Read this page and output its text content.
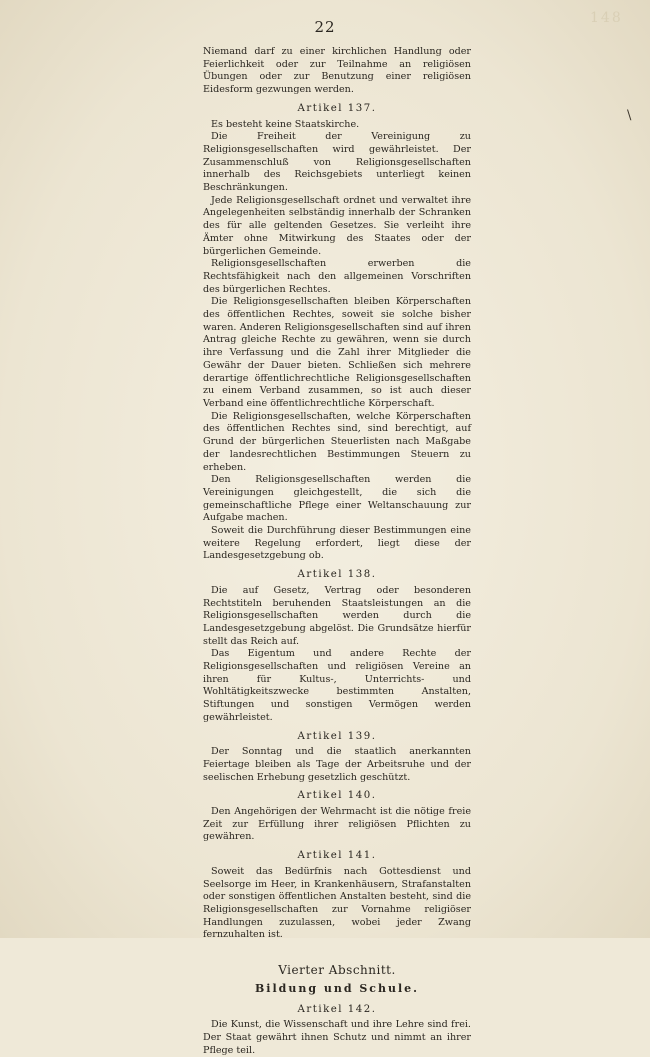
148
22
\

Niemand darf zu einer kirchlichen Handlung oder Feierlichkeit oder zur Teilnahme an religiösen Übungen oder zur Benutzung einer religiösen Eidesform gezwungen werden.

Artikel 137.

Es besteht keine Staatskirche.

Die Freiheit der Vereinigung zu Religionsgesellschaften wird gewährleistet. Der Zusammenschluß von Religionsgesellschaften innerhalb des Reichsgebiets unterliegt keinen Beschränkungen.

Jede Religionsgesellschaft ordnet und verwaltet ihre Angelegenheiten selbständig innerhalb der Schranken des für alle geltenden Gesetzes. Sie verleiht ihre Ämter ohne Mitwirkung des Staates oder der bürgerlichen Gemeinde.

Religionsgesellschaften erwerben die Rechtsfähigkeit nach den allgemeinen Vorschriften des bürgerlichen Rechtes.

Die Religionsgesellschaften bleiben Körperschaften des öffentlichen Rechtes, soweit sie solche bisher waren. Anderen Religionsgesellschaften sind auf ihren Antrag gleiche Rechte zu gewähren, wenn sie durch ihre Verfassung und die Zahl ihrer Mitglieder die Gewähr der Dauer bieten. Schließen sich mehrere derartige öffentlichrechtliche Religionsgesellschaften zu einem Verband zusammen, so ist auch dieser Verband eine öffentlichrechtliche Körperschaft.

Die Religionsgesellschaften, welche Körperschaften des öffentlichen Rechtes sind, sind berechtigt, auf Grund der bürgerlichen Steuerlisten nach Maßgabe der landesrechtlichen Bestimmungen Steuern zu erheben.

Den Religionsgesellschaften werden die Vereinigungen gleichgestellt, die sich die gemeinschaftliche Pflege einer Weltanschauung zur Aufgabe machen.

Soweit die Durchführung dieser Bestimmungen eine weitere Regelung erfordert, liegt diese der Landesgesetzgebung ob.

Artikel 138.

Die auf Gesetz, Vertrag oder besonderen Rechtstiteln beruhenden Staatsleistungen an die Religionsgesellschaften werden durch die Landesgesetzgebung abgelöst. Die Grundsätze hierfür stellt das Reich auf.

Das Eigentum und andere Rechte der Religionsgesellschaften und religiösen Vereine an ihren für Kultus-, Unterrichts- und Wohltätigkeitszwecke bestimmten Anstalten, Stiftungen und sonstigen Vermögen werden gewährleistet.

Artikel 139.

Der Sonntag und die staatlich anerkannten Feiertage bleiben als Tage der Arbeitsruhe und der seelischen Erhebung gesetzlich geschützt.

Artikel 140.

Den Angehörigen der Wehrmacht ist die nötige freie Zeit zur Erfüllung ihrer religiösen Pflichten zu gewähren.

Artikel 141.

Soweit das Bedürfnis nach Gottesdienst und Seelsorge im Heer, in Krankenhäusern, Strafanstalten oder sonstigen öffentlichen Anstalten besteht, sind die Religionsgesellschaften zur Vornahme religiöser Handlungen zuzulassen, wobei jeder Zwang fernzuhalten ist.

Vierter Abschnitt.

Bildung und Schule.

Artikel 142.

Die Kunst, die Wissenschaft und ihre Lehre sind frei. Der Staat gewährt ihnen Schutz und nimmt an ihrer Pflege teil.
